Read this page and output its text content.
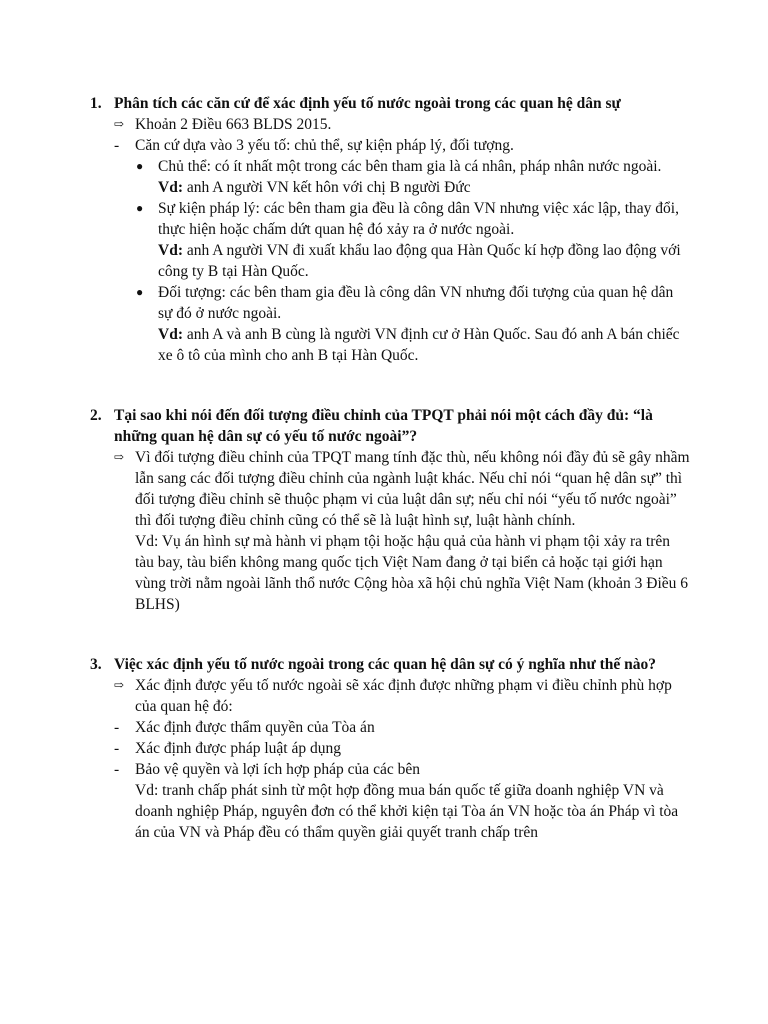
1. Phân tích các căn cứ để xác định yếu tố nước ngoài trong các quan hệ dân sự
⇨ Khoản 2 Điều 663 BLDS 2015.
- Căn cứ dựa vào 3 yếu tố: chủ thể, sự kiện pháp lý, đối tượng.
● Chủ thể: có ít nhất một trong các bên tham gia là cá nhân, pháp nhân nước ngoài.
Vd: anh A người VN kết hôn với chị B người Đức
● Sự kiện pháp lý: các bên tham gia đều là công dân VN nhưng việc xác lập, thay đổi, thực hiện hoặc chấm dứt quan hệ đó xảy ra ở nước ngoài.
Vd: anh A người VN đi xuất khẩu lao động qua Hàn Quốc kí hợp đồng lao động với công ty B tại Hàn Quốc.
● Đối tượng: các bên tham gia đều là công dân VN nhưng đối tượng của quan hệ dân sự đó ở nước ngoài.
Vd: anh A và anh B cùng là người VN định cư ở Hàn Quốc. Sau đó anh A bán chiếc xe ô tô của mình cho anh B tại Hàn Quốc.
2. Tại sao khi nói đến đối tượng điều chỉnh của TPQT phải nói một cách đầy đủ: “là những quan hệ dân sự có yếu tố nước ngoài”?
⇨ Vì đối tượng điều chỉnh của TPQT mang tính đặc thù, nếu không nói đầy đủ sẽ gây nhầm lẫn sang các đối tượng điều chỉnh của ngành luật khác. Nếu chỉ nói “quan hệ dân sự” thì đối tượng điều chỉnh sẽ thuộc phạm vi của luật dân sự; nếu chỉ nói “yếu tố nước ngoài” thì đối tượng điều chỉnh cũng có thể sẽ là luật hình sự, luật hành chính.
Vd: Vụ án hình sự mà hành vi phạm tội hoặc hậu quả của hành vi phạm tội xảy ra trên tàu bay, tàu biển không mang quốc tịch Việt Nam đang ở tại biển cả hoặc tại giới hạn vùng trời nằm ngoài lãnh thổ nước Cộng hòa xã hội chủ nghĩa Việt Nam (khoản 3 Điều 6 BLHS)
3. Việc xác định yếu tố nước ngoài trong các quan hệ dân sự có ý nghĩa như thế nào?
⇨ Xác định được yếu tố nước ngoài sẽ xác định được những phạm vi điều chỉnh phù hợp của quan hệ đó:
- Xác định được thẩm quyền của Tòa án
- Xác định được pháp luật áp dụng
- Bảo vệ quyền và lợi ích hợp pháp của các bên
Vd: tranh chấp phát sinh từ một hợp đồng mua bán quốc tế giữa doanh nghiệp VN và doanh nghiệp Pháp, nguyên đơn có thể khởi kiện tại Tòa án VN hoặc tòa án Pháp vì tòa án của VN và Pháp đều có thẩm quyền giải quyết tranh chấp trên
